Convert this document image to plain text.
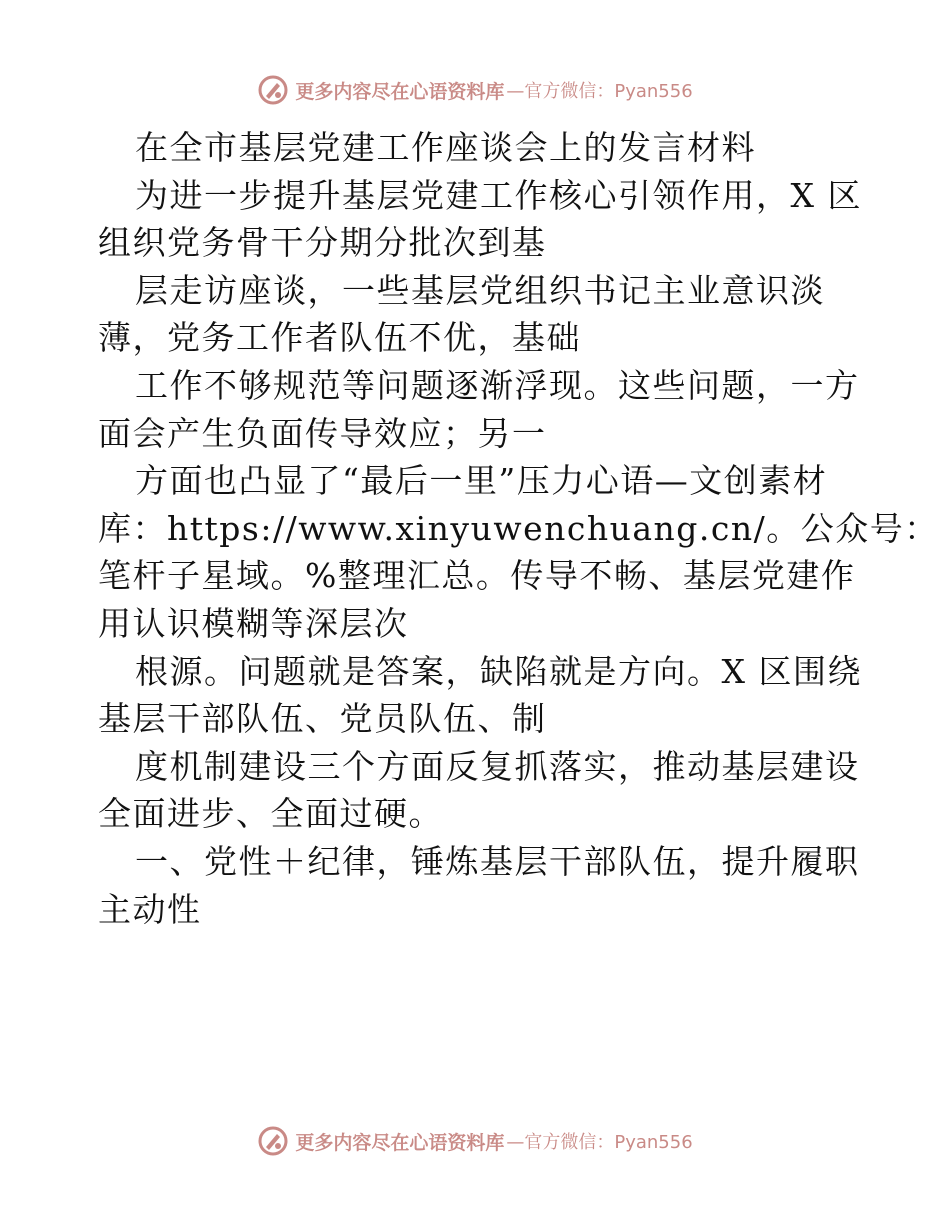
更多内容尽在心语资料库 —官方微信：Pyan556
在全市基层党建工作座谈会上的发言材料
为进一步提升基层党建工作核心引领作用，X 区
组织党务骨干分期分批次到基
层走访座谈，一些基层党组织书记主业意识淡
薄，党务工作者队伍不优，基础
工作不够规范等问题逐渐浮现。这些问题，一方
面会产生负面传导效应；另一
方面也凸显了“最后一里”压力心语—文创素材
库：https://www.xinyuwenchuang.cn/。公众号：
笔杆子星域。%整理汇总。传导不畅、基层党建作
用认识模糊等深层次
根源。问题就是答案，缺陷就是方向。X 区围绕
基层干部队伍、党员队伍、制
度机制建设三个方面反复抓落实，推动基层建设
全面进步、全面过硬。
一、党性＋纪律，锤炼基层干部队伍，提升履职
主动性
更多内容尽在心语资料库 —官方微信：Pyan556
